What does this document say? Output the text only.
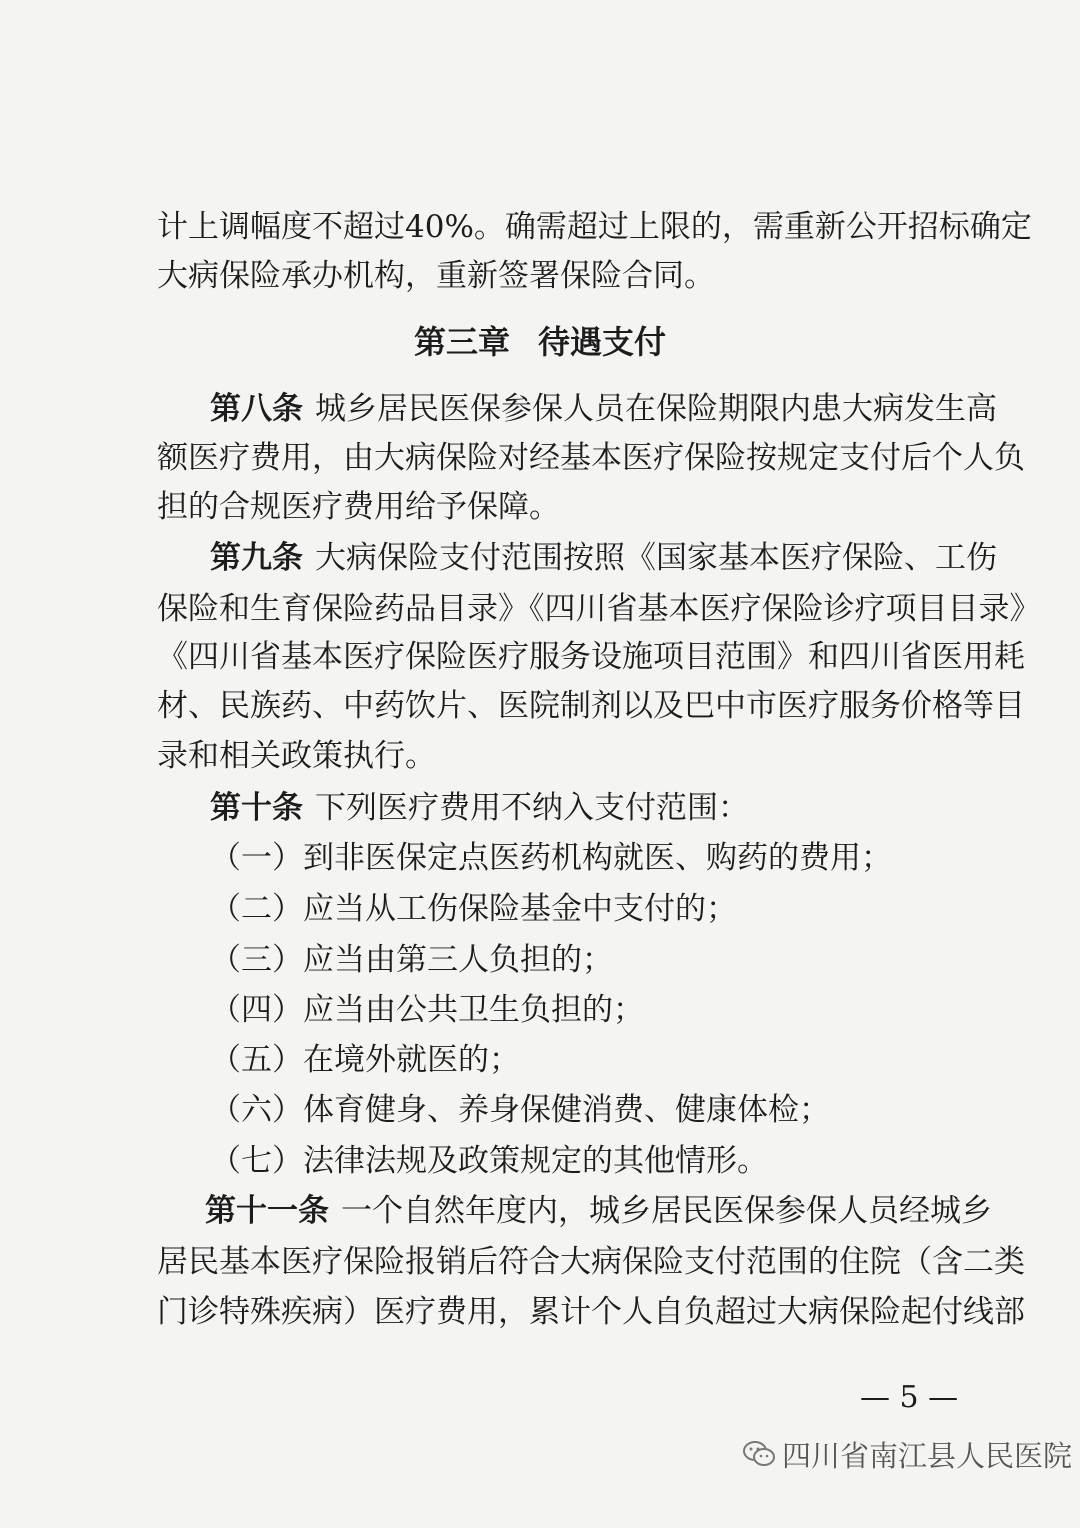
计上调幅度不超过40%。确需超过上限的，需重新公开招标确定
大病保险承办机构，重新签署保险合同。
第三章 待遇支付
第八条 城乡居民医保参保人员在保险期限内患大病发生高
额医疗费用，由大病保险对经基本医疗保险按规定支付后个人负
担的合规医疗费用给予保障。
第九条 大病保险支付范围按照《国家基本医疗保险、工伤
保险和生育保险药品目录》《四川省基本医疗保险诊疗项目目录》
《四川省基本医疗保险医疗服务设施项目范围》和四川省医用耗
材、民族药、中药饮片、医院制剂以及巴中市医疗服务价格等目
录和相关政策执行。
第十条 下列医疗费用不纳入支付范围：
（一）到非医保定点医药机构就医、购药的费用；
（二）应当从工伤保险基金中支付的；
（三）应当由第三人负担的；
（四）应当由公共卫生负担的；
（五）在境外就医的；
（六）体育健身、养身保健消费、健康体检；
（七）法律法规及政策规定的其他情形。
第十一条 一个自然年度内，城乡居民医保参保人员经城乡
居民基本医疗保险报销后符合大病保险支付范围的住院（含二类
门诊特殊疾病）医疗费用，累计个人自负超过大病保险起付线部
— 5 —
四川省南江县人民医院
